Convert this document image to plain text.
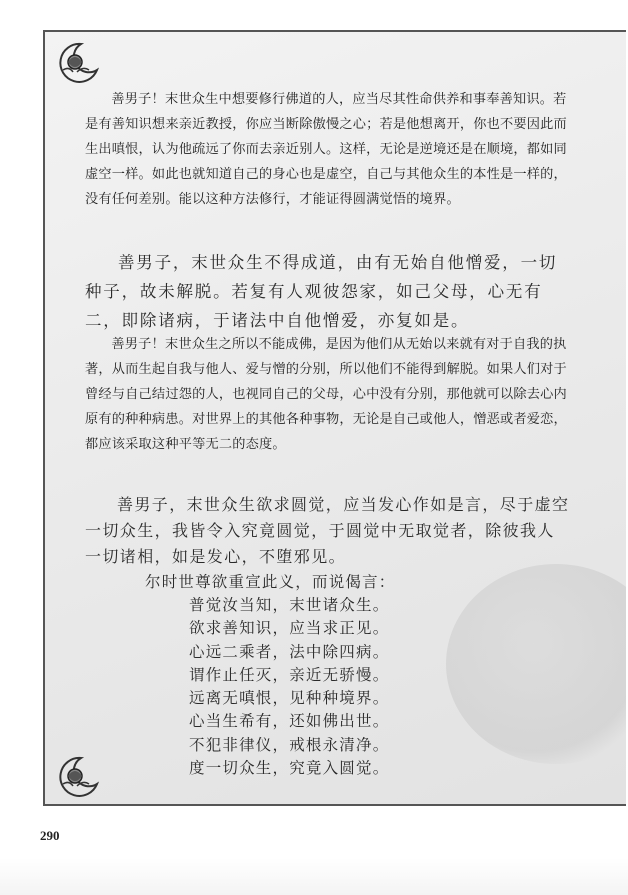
善男子！末世众生中想要修行佛道的人，应当尽其性命供养和事奉善知识。若是有善知识想来亲近教授，你应当断除傲慢之心；若是他想离开，你也不要因此而生出嗔恨，认为他疏远了你而去亲近别人。这样，无论是逆境还是在顺境，都如同虚空一样。如此也就知道自己的身心也是虚空，自己与其他众生的本性是一样的，没有任何差别。能以这种方法修行，才能证得圆满觉悟的境界。

善男子，末世众生不得成道，由有无始自他憎爱，一切种子，故未解脱。若复有人观彼怨家，如己父母，心无有二，即除诸病，于诸法中自他憎爱，亦复如是。

善男子！末世众生之所以不能成佛，是因为他们从无始以来就有对于自我的执著，从而生起自我与他人、爱与憎的分别，所以他们不能得到解脱。如果人们对于曾经与自己结过怨的人，也视同自己的父母，心中没有分别，那他就可以除去心内原有的种种病患。对世界上的其他各种事物，无论是自己或他人，憎恶或者爱恋，都应该采取这种平等无二的态度。

善男子，末世众生欲求圆觉，应当发心作如是言，尽于虚空一切众生，我皆令入究竟圆觉，于圆觉中无取觉者，除彼我人一切诸相，如是发心，不堕邪见。

尔时世尊欲重宣此义，而说偈言：
普觉汝当知，末世诸众生。
欲求善知识，应当求正见。
心远二乘者，法中除四病。
谓作止任灭，亲近无骄慢。
远离无嗔恨，见种种境界。
心当生希有，还如佛出世。
不犯非律仪，戒根永清净。
度一切众生，究竟入圆觉。
290
